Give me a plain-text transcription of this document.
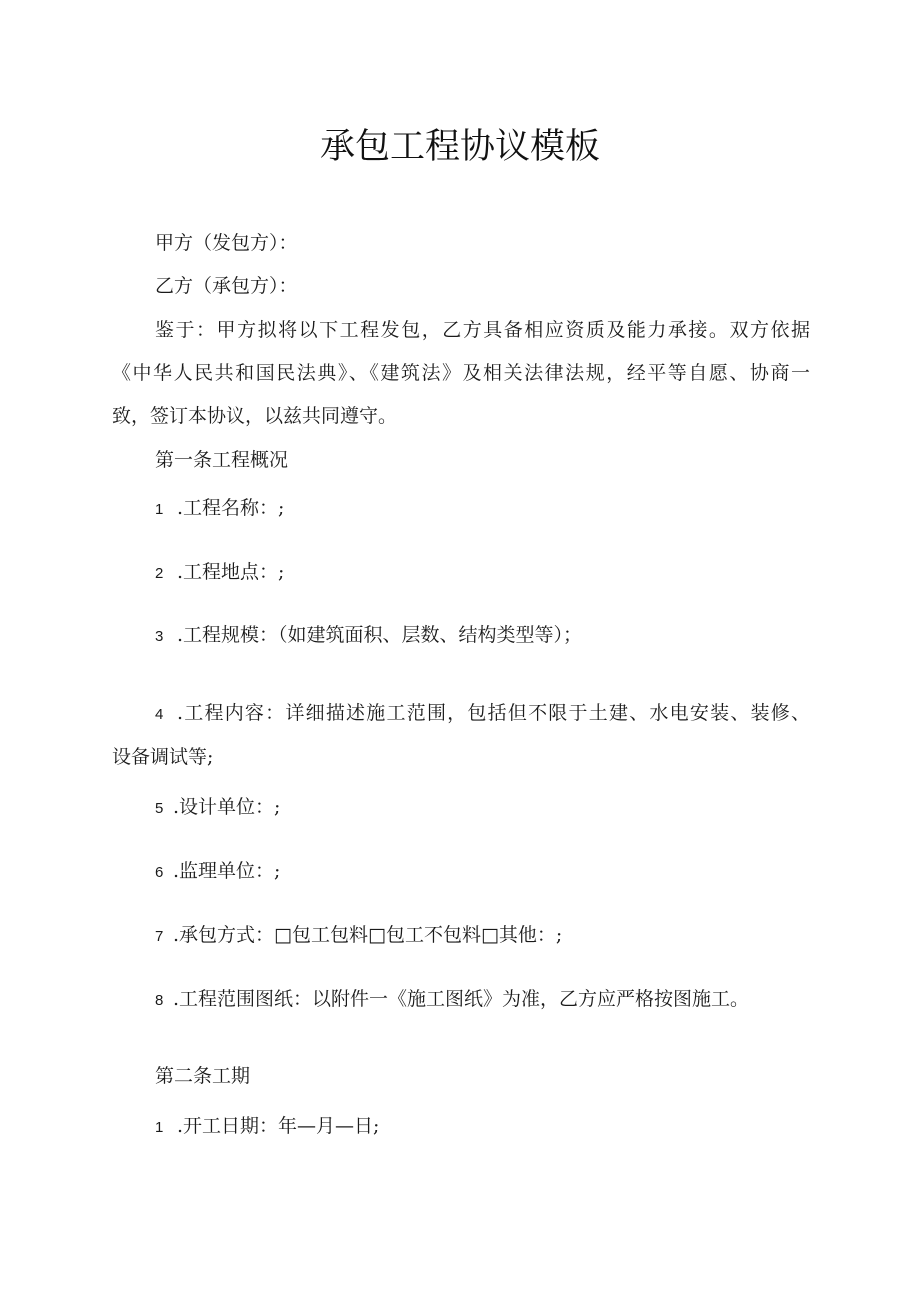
承包工程协议模板
甲方（发包方）：
乙方（承包方）：
鉴于：甲方拟将以下工程发包，乙方具备相应资质及能力承接。双方依据
《中华人民共和国民法典》、《建筑法》及相关法律法规，经平等自愿、协商一
致，签订本协议，以兹共同遵守。
第一条工程概况
1 .工程名称：;
2 .工程地点：;
3 .工程规模：（如建筑面积、层数、结构类型等）；
4 .工程内容：详细描述施工范围，包括但不限于土建、水电安装、装修、
设备调试等;
5 .设计单位：;
6 .监理单位：;
7 .承包方式：□包工包料□包工不包料□其他：;
8 .工程范围图纸：以附件一《施工图纸》为准，乙方应严格按图施工。
第二条工期
1 .开工日期：年—月—日;
